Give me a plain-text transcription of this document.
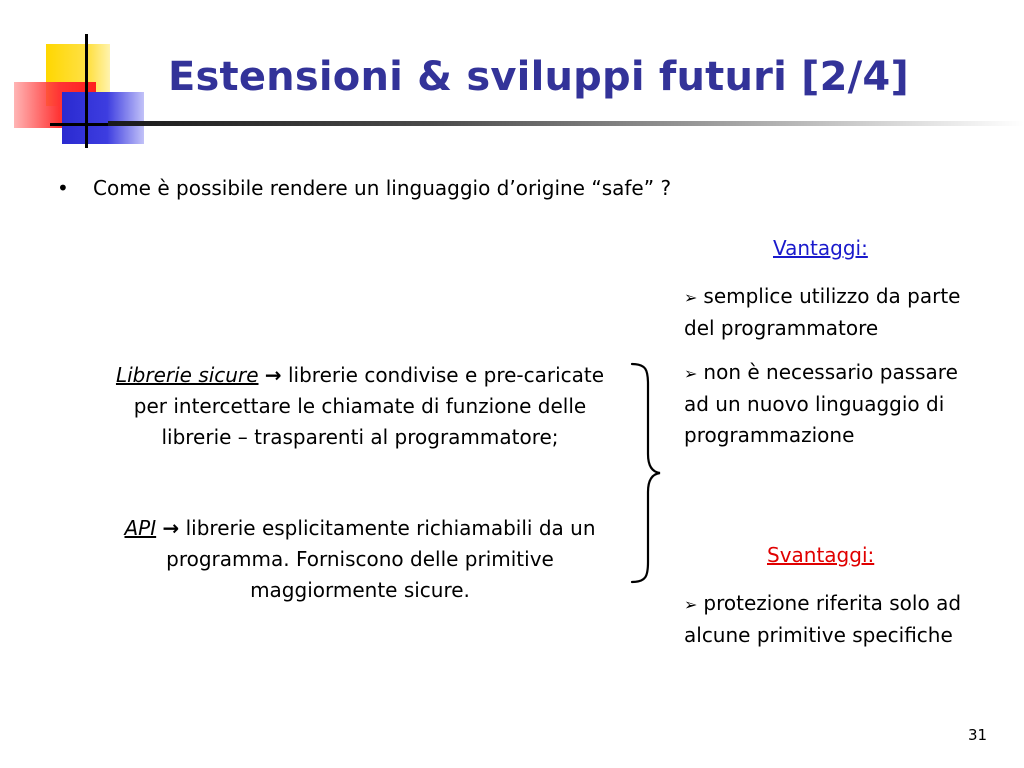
Estensioni & sviluppi futuri [2/4]
• Come è possibile rendere un linguaggio d’origine “safe” ?
Librerie sicure → librerie condivise e pre-caricate per intercettare le chiamate di funzione delle librerie – trasparenti al programmatore;
API → librerie esplicitamente richiamabili da un programma. Forniscono delle primitive maggiormente sicure.
Vantaggi:
➢ semplice utilizzo da parte del programmatore
➢ non è necessario passare ad un nuovo linguaggio di programmazione
Svantaggi:
➢ protezione riferita solo ad alcune primitive specifiche
31
